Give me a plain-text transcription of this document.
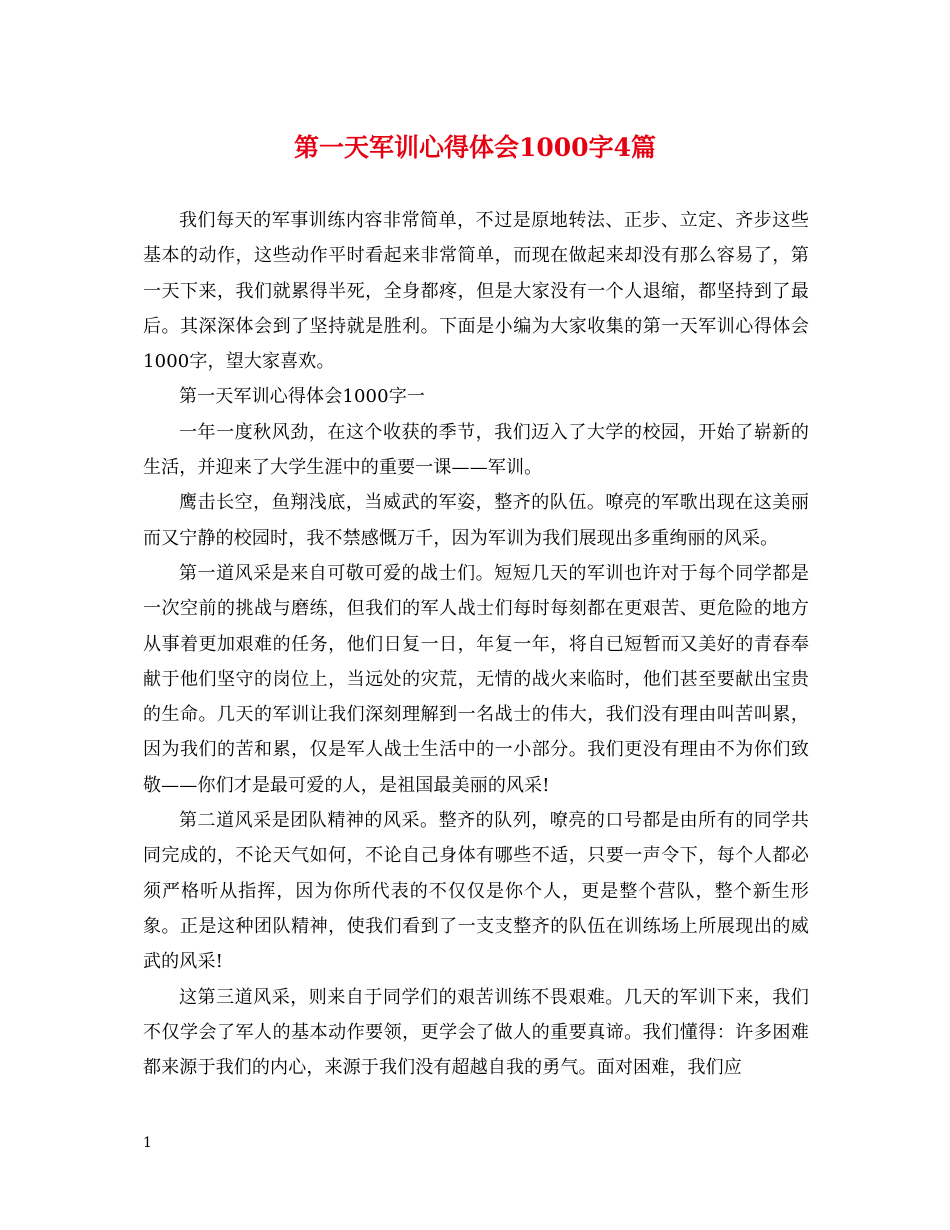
第一天军训心得体会1000字4篇

我们每天的军事训练内容非常简单，不过是原地转法、正步、立定、齐步这些基本的动作，这些动作平时看起来非常简单，而现在做起来却没有那么容易了，第一天下来，我们就累得半死，全身都疼，但是大家没有一个人退缩，都坚持到了最后。其深深体会到了坚持就是胜利。下面是小编为大家收集的第一天军训心得体会1000字，望大家喜欢。

第一天军训心得体会1000字一

一年一度秋风劲，在这个收获的季节，我们迈入了大学的校园，开始了崭新的生活，并迎来了大学生涯中的重要一课——军训。

鹰击长空，鱼翔浅底，当威武的军姿，整齐的队伍。嘹亮的军歌出现在这美丽而又宁静的校园时，我不禁感慨万千，因为军训为我们展现出多重绚丽的风采。

第一道风采是来自可敬可爱的战士们。短短几天的军训也许对于每个同学都是一次空前的挑战与磨练，但我们的军人战士们每时每刻都在更艰苦、更危险的地方从事着更加艰难的任务，他们日复一日，年复一年，将自已短暂而又美好的青春奉献于他们坚守的岗位上，当远处的灾荒，无情的战火来临时，他们甚至要献出宝贵的生命。几天的军训让我们深刻理解到一名战士的伟大，我们没有理由叫苦叫累，因为我们的苦和累，仅是军人战士生活中的一小部分。我们更没有理由不为你们致敬——你们才是最可爱的人，是祖国最美丽的风采!

第二道风采是团队精神的风采。整齐的队列，嘹亮的口号都是由所有的同学共同完成的，不论天气如何，不论自己身体有哪些不适，只要一声令下，每个人都必须严格听从指挥，因为你所代表的不仅仅是你个人，更是整个营队，整个新生形象。正是这种团队精神，使我们看到了一支支整齐的队伍在训练场上所展现出的威武的风采!

这第三道风采，则来自于同学们的艰苦训练不畏艰难。几天的军训下来，我们不仅学会了军人的基本动作要领，更学会了做人的重要真谛。我们懂得：许多困难都来源于我们的内心，来源于我们没有超越自我的勇气。面对困难，我们应

1
